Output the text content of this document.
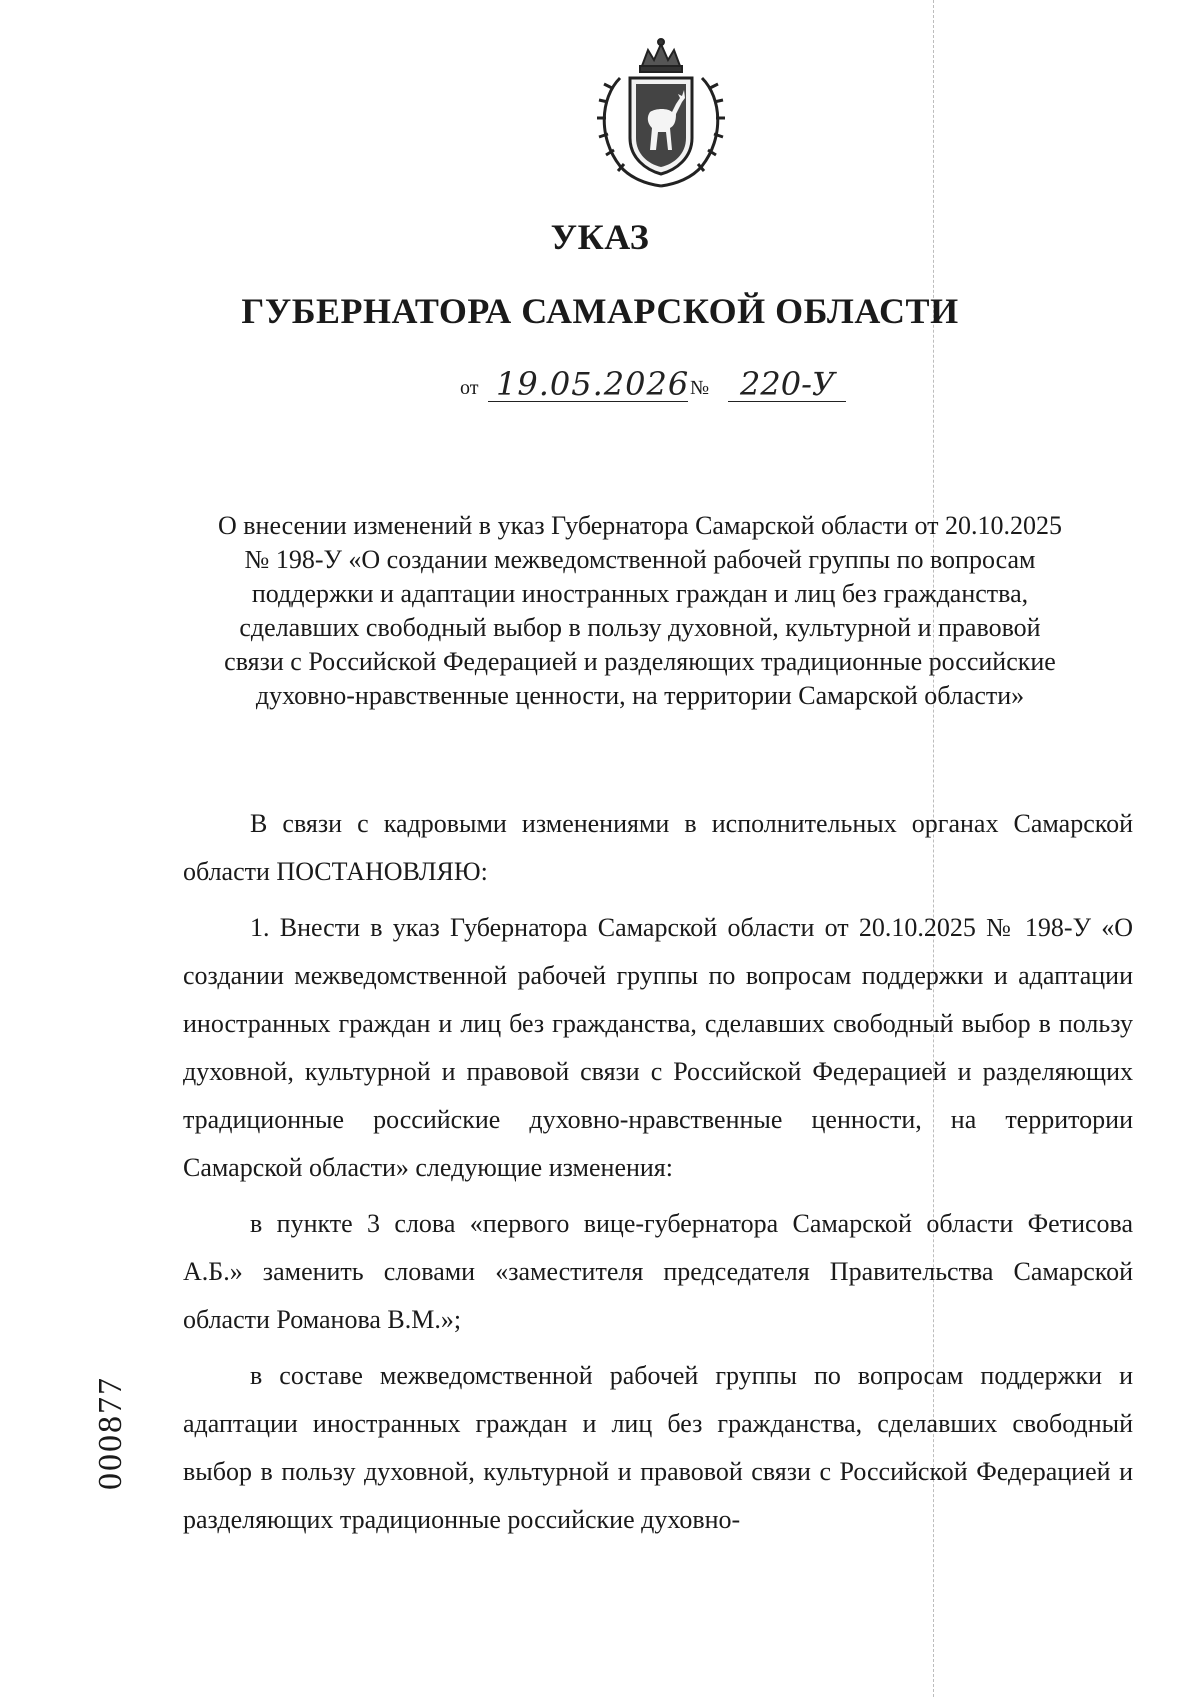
УКАЗ
ГУБЕРНАТОРА САМАРСКОЙ ОБЛАСТИ
от 19.05.2026 № 220-У
О внесении изменений в указ Губернатора Самарской области от 20.10.2025
№ 198-У «О создании межведомственной рабочей группы по вопросам
поддержки и адаптации иностранных граждан и лиц без гражданства,
сделавших свободный выбор в пользу духовной, культурной и правовой
связи с Российской Федерацией и разделяющих традиционные российские
духовно-нравственные ценности, на территории Самарской области»

В связи с кадровыми изменениями в исполнительных органах Самарской области ПОСТАНОВЛЯЮ:

1. Внести в указ Губернатора Самарской области от 20.10.2025 № 198-У «О создании межведомственной рабочей группы по вопросам поддержки и адаптации иностранных граждан и лиц без гражданства, сделавших свободный выбор в пользу духовной, культурной и правовой связи с Российской Федерацией и разделяющих традиционные российские духовно-нравственные ценности, на территории Самарской области» следующие изменения:

в пункте 3 слова «первого вице-губернатора Самарской области Фетисова А.Б.» заменить словами «заместителя председателя Правительства Самарской области Романова В.М.»;

в составе межведомственной рабочей группы по вопросам поддержки и адаптации иностранных граждан и лиц без гражданства, сделавших свободный выбор в пользу духовной, культурной и правовой связи с Российской Федерацией и разделяющих традиционные российские духовно-

000877
